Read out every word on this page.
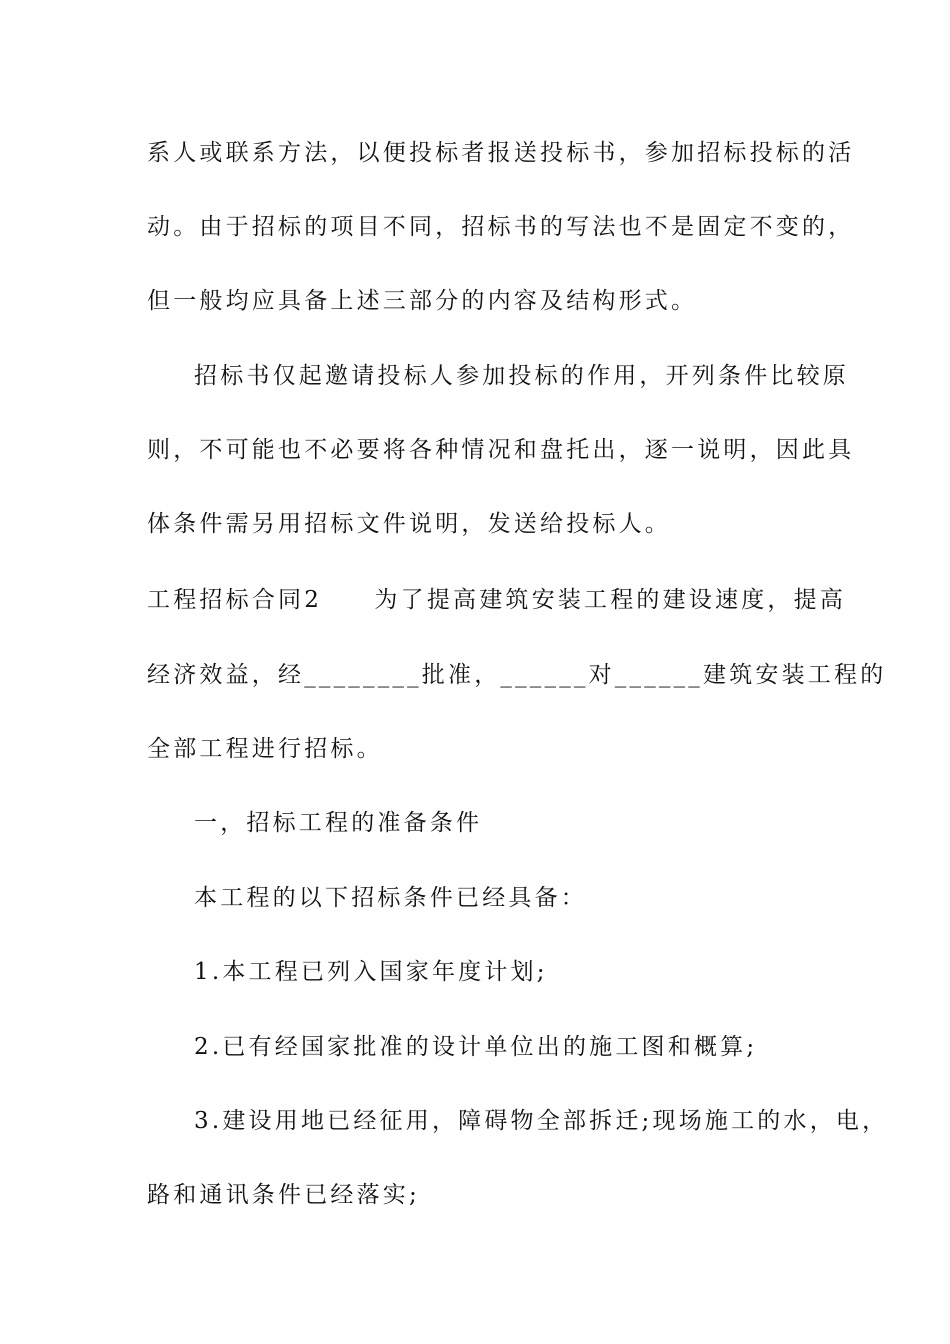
系人或联系方法，以便投标者报送投标书，参加招标投标的活
动。由于招标的项目不同，招标书的写法也不是固定不变的，
但一般均应具备上述三部分的内容及结构形式。
招标书仅起邀请投标人参加投标的作用，开列条件比较原
则，不可能也不必要将各种情况和盘托出，逐一说明，因此具
体条件需另用招标文件说明，发送给投标人。
工程招标合同2　　为了提高建筑安装工程的建设速度，提高
经济效益，经________批准，______对______建筑安装工程的
全部工程进行招标。
一，招标工程的准备条件
本工程的以下招标条件已经具备：
1.本工程已列入国家年度计划;
2.已有经国家批准的设计单位出的施工图和概算;
3.建设用地已经征用，障碍物全部拆迁;现场施工的水，电，
路和通讯条件已经落实;
